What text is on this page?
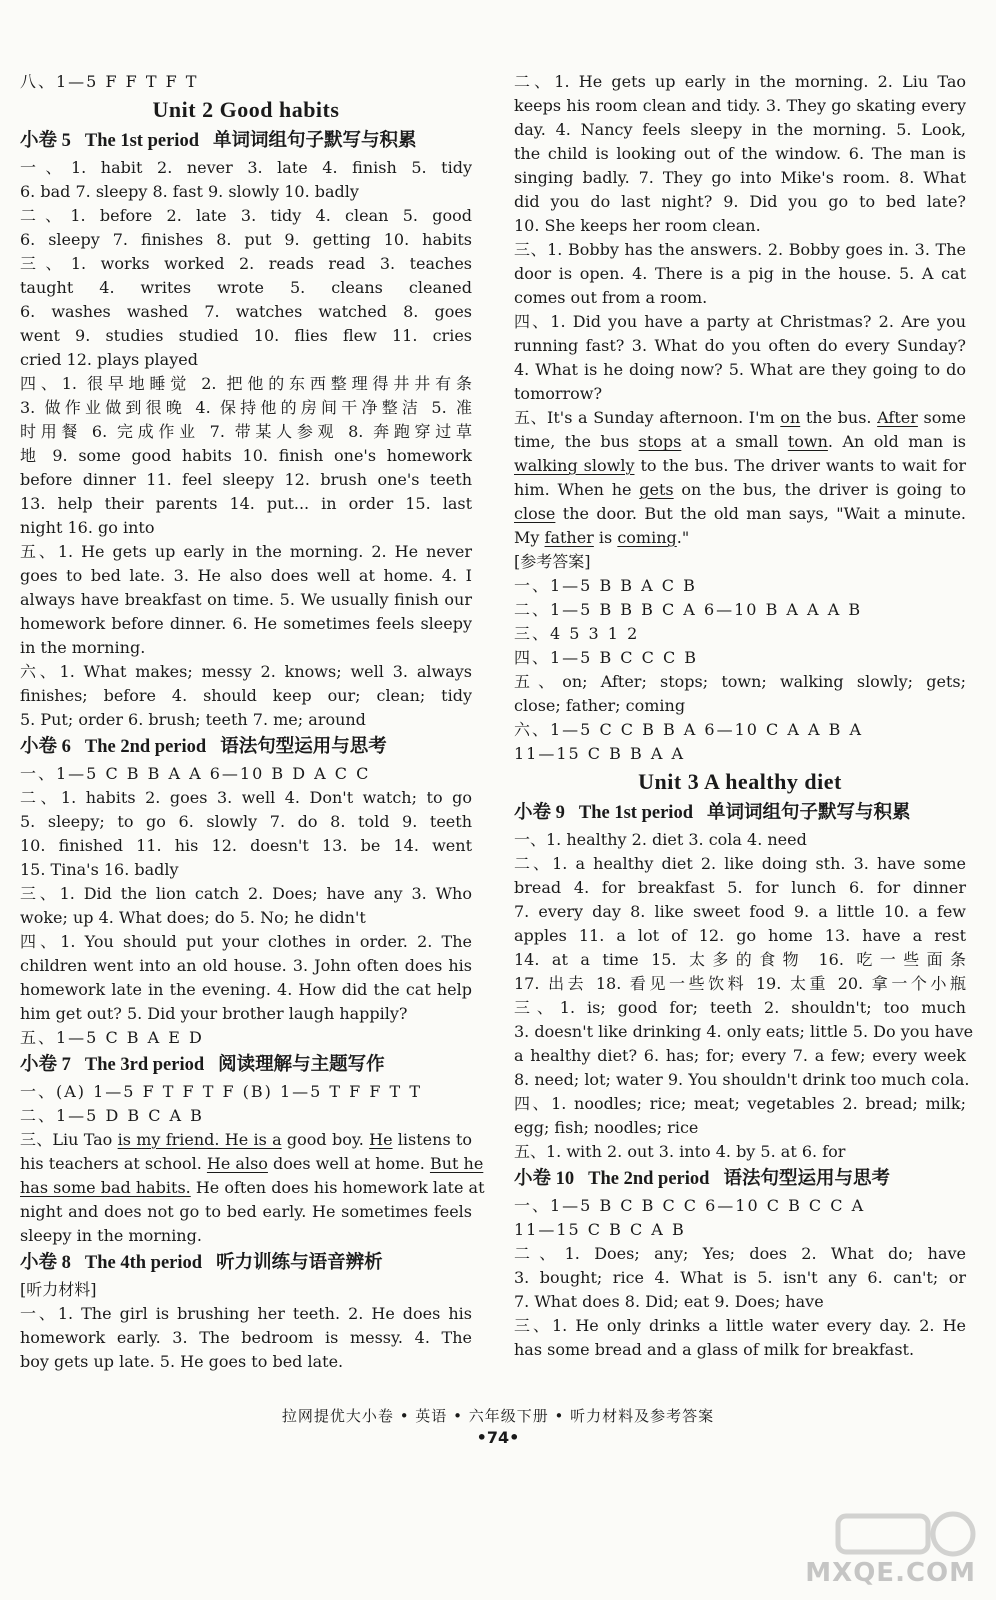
八、1—5 F F T F T
Unit 2 Good habits
小卷 5 The 1st period 单词词组句子默写与积累
一、1. habit 2. never 3. late 4. finish 5. tidy
6. bad 7. sleepy 8. fast 9. slowly 10. badly
二、1. before 2. late 3. tidy 4. clean 5. good
6. sleepy 7. finishes 8. put 9. getting 10. habits
三、1. works worked 2. reads read 3. teaches
taught 4. writes wrote 5. cleans cleaned
6. washes washed 7. watches watched 8. goes
went 9. studies studied 10. flies flew 11. cries
cried 12. plays played
四、1. 很早地睡觉 2. 把他的东西整理得井井有条
3. 做作业做到很晚 4. 保持他的房间干净整洁 5. 准
时用餐 6. 完成作业 7. 带某人参观 8. 奔跑穿过草
地 9. some good habits 10. finish one's homework
before dinner 11. feel sleepy 12. brush one's teeth
13. help their parents 14. put... in order 15. last
night 16. go into
五、1. He gets up early in the morning. 2. He never
goes to bed late. 3. He also does well at home. 4. I
always have breakfast on time. 5. We usually finish our
homework before dinner. 6. He sometimes feels sleepy
in the morning.
六、1. What makes; messy 2. knows; well 3. always
finishes; before 4. should keep our; clean; tidy
5. Put; order 6. brush; teeth 7. me; around
小卷 6 The 2nd period 语法句型运用与思考
一、1—5 C B B A A 6—10 B D A C C
二、1. habits 2. goes 3. well 4. Don't watch; to go
5. sleepy; to go 6. slowly 7. do 8. told 9. teeth
10. finished 11. his 12. doesn't 13. be 14. went
15. Tina's 16. badly
三、1. Did the lion catch 2. Does; have any 3. Who
woke; up 4. What does; do 5. No; he didn't
四、1. You should put your clothes in order. 2. The
children went into an old house. 3. John often does his
homework late in the evening. 4. How did the cat help
him get out? 5. Did your brother laugh happily?
五、1—5 C B A E D
小卷 7 The 3rd period 阅读理解与主题写作
一、(A) 1—5 F T F T F (B) 1—5 T F F T T
二、1—5 D B C A B
三、Liu Tao is my friend. He is a good boy. He listens to
his teachers at school. He also does well at home. But he
has some bad habits. He often does his homework late at
night and does not go to bed early. He sometimes feels
sleepy in the morning.
小卷 8 The 4th period 听力训练与语音辨析
[听力材料]
一、1. The girl is brushing her teeth. 2. He does his
homework early. 3. The bedroom is messy. 4. The
boy gets up late. 5. He goes to bed late.
二、1. He gets up early in the morning. 2. Liu Tao
keeps his room clean and tidy. 3. They go skating every
day. 4. Nancy feels sleepy in the morning. 5. Look,
the child is looking out of the window. 6. The man is
singing badly. 7. They go into Mike's room. 8. What
did you do last night? 9. Did you go to bed late?
10. She keeps her room clean.
三、1. Bobby has the answers. 2. Bobby goes in. 3. The
door is open. 4. There is a pig in the house. 5. A cat
comes out from a room.
四、1. Did you have a party at Christmas? 2. Are you
running fast? 3. What do you often do every Sunday?
4. What is he doing now? 5. What are they going to do
tomorrow?
五、It's a Sunday afternoon. I'm on the bus. After some
time, the bus stops at a small town. An old man is
walking slowly to the bus. The driver wants to wait for
him. When he gets on the bus, the driver is going to
close the door. But the old man says, "Wait a minute.
My father is coming."
[参考答案]
一、1—5 B B A C B
二、1—5 B B B C A 6—10 B A A A B
三、4 5 3 1 2
四、1—5 B C C C B
五、on; After; stops; town; walking slowly; gets;
close; father; coming
六、1—5 C C B B A 6—10 C A A B A
11—15 C B B A A
Unit 3 A healthy diet
小卷 9 The 1st period 单词词组句子默写与积累
一、1. healthy 2. diet 3. cola 4. need
二、1. a healthy diet 2. like doing sth. 3. have some
bread 4. for breakfast 5. for lunch 6. for dinner
7. every day 8. like sweet food 9. a little 10. a few
apples 11. a lot of 12. go home 13. have a rest
14. at a time 15. 太多的食物 16. 吃一些面条
17. 出去 18. 看见一些饮料 19. 太重 20. 拿一个小瓶
三、1. is; good for; teeth 2. shouldn't; too much
3. doesn't like drinking 4. only eats; little 5. Do you have
a healthy diet? 6. has; for; every 7. a few; every week
8. need; lot; water 9. You shouldn't drink too much cola.
四、1. noodles; rice; meat; vegetables 2. bread; milk;
egg; fish; noodles; rice
五、1. with 2. out 3. into 4. by 5. at 6. for
小卷 10 The 2nd period 语法句型运用与思考
一、1—5 B C B C C 6—10 C B C C A
11—15 C B C A B
二、1. Does; any; Yes; does 2. What do; have
3. bought; rice 4. What is 5. isn't any 6. can't; or
7. What does 8. Did; eat 9. Does; have
三、1. He only drinks a little water every day. 2. He
has some bread and a glass of milk for breakfast.
拉网提优大小卷 • 英语 • 六年级下册 • 听力材料及参考答案
•74•
MXQE.COM
